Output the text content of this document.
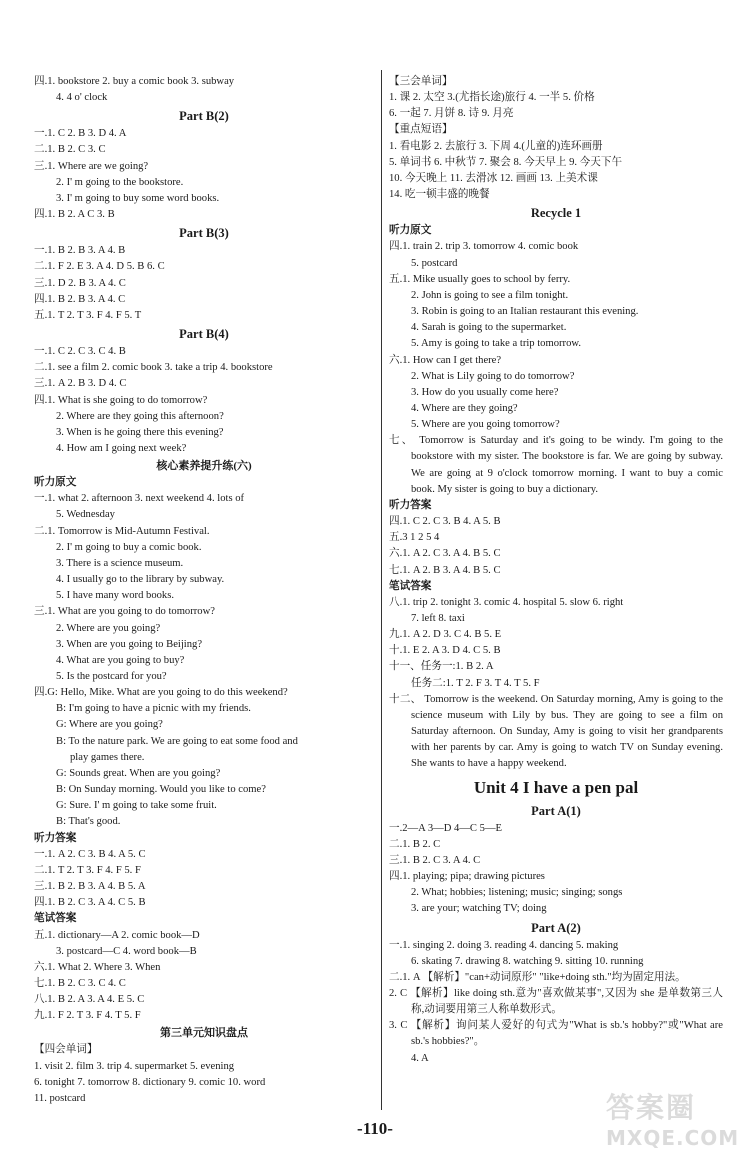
四.1. bookstore 2. buy a comic book 3. subway
4. 4 o' clock
Part B(2)
一.1. C 2. B 3. D 4. A
二.1. B 2. C 3. C
三.1. Where are we going?
2. I' m going to the bookstore.
3. I' m going to buy some word books.
四.1. B 2. A C 3. B
Part B(3)
一.1. B 2. B 3. A 4. B
二.1. F 2. E 3. A 4. D 5. B 6. C
三.1. D 2. B 3. A 4. C
四.1. B 2. B 3. A 4. C
五.1. T 2. T 3. F 4. F 5. T
Part B(4)
一.1. C 2. C 3. C 4. B
二.1. see a film 2. comic book 3. take a trip 4. bookstore
三.1. A 2. B 3. D 4. C
四.1. What is she going to do tomorrow?
2. Where are they going this afternoon?
3. When is he going there this evening?
4. How am I going next week?
核心素养提升练(六)
听力原文
一.1. what 2. afternoon 3. next weekend 4. lots of
5. Wednesday
二.1. Tomorrow is Mid-Autumn Festival.
2. I' m going to buy a comic book.
3. There is a science museum.
4. I usually go to the library by subway.
5. I have many word books.
三.1. What are you going to do tomorrow?
2. Where are you going?
3. When are you going to Beijing?
4. What are you going to buy?
5. Is the postcard for you?
四.G: Hello, Mike. What are you going to do this weekend?
B: I'm going to have a picnic with my friends.
G: Where are you going?
B: To the nature park. We are going to eat some food and
play games there.
G: Sounds great. When are you going?
B: On Sunday morning. Would you like to come?
G: Sure. I' m going to take some fruit.
B: That's good.
听力答案
一.1. A 2. C 3. B 4. A 5. C
二.1. T 2. T 3. F 4. F 5. F
三.1. B 2. B 3. A 4. B 5. A
四.1. B 2. C 3. A 4. C 5. B
笔试答案
五.1. dictionary—A 2. comic book—D
3. postcard—C 4. word book—B
六.1. What 2. Where 3. When
七.1. B 2. C 3. C 4. C
八.1. B 2. A 3. A 4. E 5. C
九.1. F 2. T 3. F 4. T 5. F
第三单元知识盘点
【四会单词】
1. visit 2. film 3. trip 4. supermarket 5. evening
6. tonight 7. tomorrow 8. dictionary 9. comic 10. word
11. postcard
【三会单词】
1. 课 2. 太空 3.(尤指长途)旅行 4. 一半 5. 价格
6. 一起 7. 月饼 8. 诗 9. 月亮
【重点短语】
1. 看电影 2. 去旅行 3. 下周 4.(儿童的)连环画册
5. 单词书 6. 中秋节 7. 聚会 8. 今天早上 9. 今天下午
10. 今天晚上 11. 去滑冰 12. 画画 13. 上美术课
14. 吃一顿丰盛的晚餐
Recycle 1
听力原文
四.1. train 2. trip 3. tomorrow 4. comic book
5. postcard
五.1. Mike usually goes to school by ferry.
2. John is going to see a film tonight.
3. Robin is going to an Italian restaurant this evening.
4. Sarah is going to the supermarket.
5. Amy is going to take a trip tomorrow.
六.1. How can I get there?
2. What is Lily going to do tomorrow?
3. How do you usually come here?
4. Where are they going?
5. Where are you going tomorrow?
七、 Tomorrow is Saturday and it's going to be windy. I'm going to the bookstore with my sister. The bookstore is far. We are going by subway. We are going at 9 o'clock tomorrow morning. I want to buy a comic book. My sister is going to buy a dictionary.
听力答案
四.1. C 2. C 3. B 4. A 5. B
五.3 1 2 5 4
六.1. A 2. C 3. A 4. B 5. C
七.1. A 2. B 3. A 4. B 5. C
笔试答案
八.1. trip 2. tonight 3. comic 4. hospital 5. slow 6. right
7. left 8. taxi
九.1. A 2. D 3. C 4. B 5. E
十.1. E 2. A 3. D 4. C 5. B
十一、任务一:1. B 2. A
任务二:1. T 2. F 3. T 4. T 5. F
十二、 Tomorrow is the weekend. On Saturday morning, Amy is going to the science museum with Lily by bus. They are going to see a film on Saturday afternoon. On Sunday, Amy is going to visit her grandparents with her parents by car. Amy is going to watch TV on Sunday evening. She wants to have a happy weekend.
Unit 4 I have a pen pal
Part A(1)
一.2—A 3—D 4—C 5—E
二.1. B 2. C
三.1. B 2. C 3. A 4. C
四.1. playing; pipa; drawing pictures
2. What; hobbies; listening; music; singing; songs
3. are your; watching TV; doing
Part A(2)
一.1. singing 2. doing 3. reading 4. dancing 5. making
6. skating 7. drawing 8. watching 9. sitting 10. running
二.1. A 【解析】"can+动词原形" "like+doing sth."均为固定用法。
2. C 【解析】like doing sth.意为"喜欢做某事",又因为 she 是单数第三人称,动词要用第三人称单数形式。
3. C 【解析】询问某人爱好的句式为"What is sb.'s hobby?"或"What are sb.'s hobbies?"。
4. A
-110-
答案圈
MXQE.COM
